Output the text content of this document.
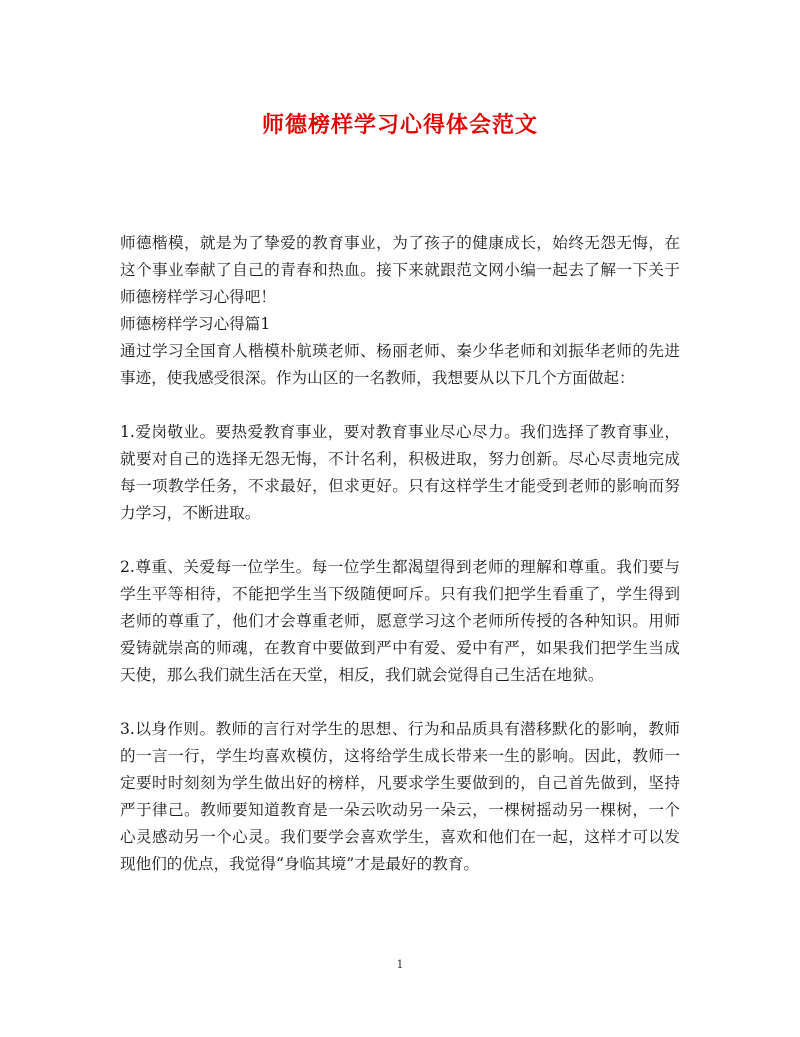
师德榜样学习心得体会范文

师德楷模，就是为了挚爱的教育事业，为了孩子的健康成长，始终无怨无悔，在这个事业奉献了自己的青春和热血。接下来就跟范文网小编一起去了解一下关于师德榜样学习心得吧！

师德榜样学习心得篇1

通过学习全国育人楷模朴航瑛老师、杨丽老师、秦少华老师和刘振华老师的先进事迹，使我感受很深。作为山区的一名教师，我想要从以下几个方面做起：

1.爱岗敬业。要热爱教育事业，要对教育事业尽心尽力。我们选择了教育事业，就要对自己的选择无怨无悔，不计名利，积极进取，努力创新。尽心尽责地完成每一项教学任务，不求最好，但求更好。只有这样学生才能受到老师的影响而努力学习，不断进取。

2.尊重、关爱每一位学生。每一位学生都渴望得到老师的理解和尊重。我们要与学生平等相待，不能把学生当下级随便呵斥。只有我们把学生看重了，学生得到老师的尊重了，他们才会尊重老师，愿意学习这个老师所传授的各种知识。用师爱铸就崇高的师魂，在教育中要做到严中有爱、爱中有严，如果我们把学生当成天使，那么我们就生活在天堂，相反，我们就会觉得自己生活在地狱。

3.以身作则。教师的言行对学生的思想、行为和品质具有潜移默化的影响，教师的一言一行，学生均喜欢模仿，这将给学生成长带来一生的影响。因此，教师一定要时时刻刻为学生做出好的榜样，凡要求学生要做到的，自己首先做到，坚持严于律己。教师要知道教育是一朵云吹动另一朵云，一棵树摇动另一棵树，一个心灵感动另一个心灵。我们要学会喜欢学生，喜欢和他们在一起，这样才可以发现他们的优点，我觉得“身临其境”才是最好的教育。

1
